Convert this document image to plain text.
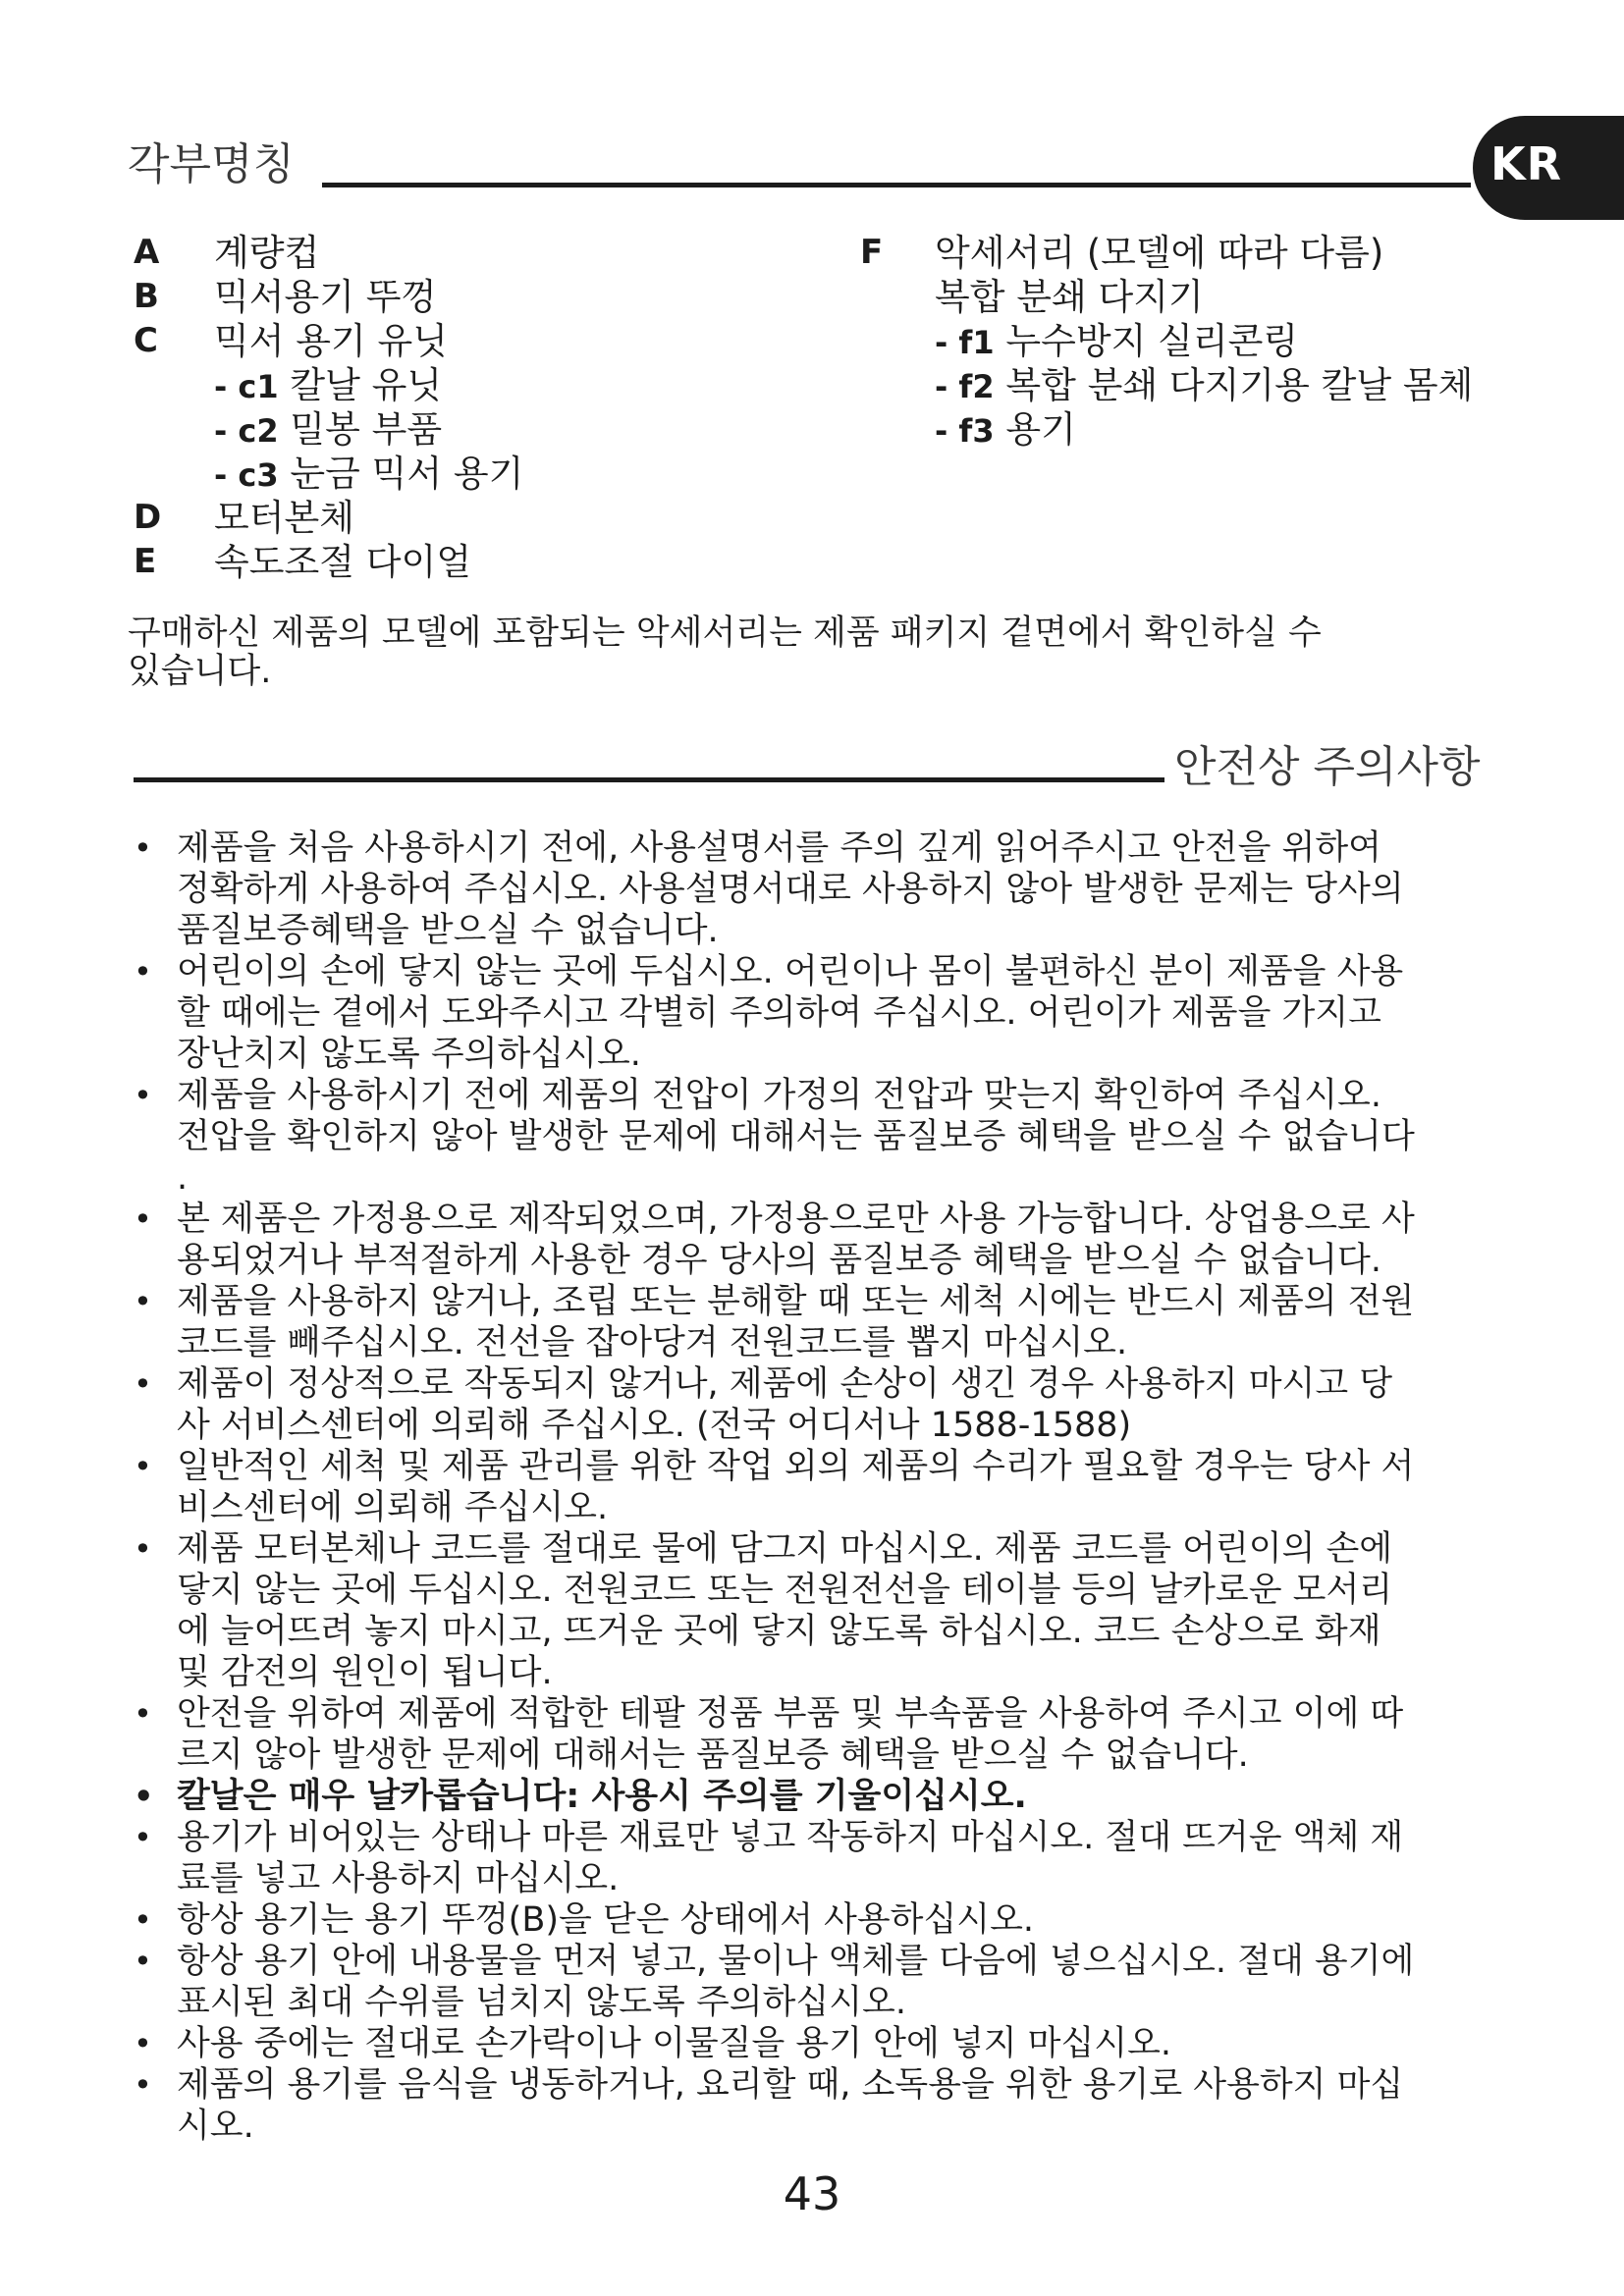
각부명칭	KR
A 계량컵
B 믹서용기 뚜껑
C 믹서 용기 유닛
- c1 칼날 유닛
- c2 밀봉 부품
- c3 눈금 믹서 용기
D 모터본체
E 속도조절 다이얼
F 악세서리 (모델에 따라 다름)
복합 분쇄 다지기
- f1 누수방지 실리콘링
- f2 복합 분쇄 다지기용 칼날 몸체
- f3 용기
구매하신 제품의 모델에 포함되는 악세서리는 제품 패키지 겉면에서 확인하실 수
있습니다.
안전상 주의사항
• 제품을 처음 사용하시기 전에, 사용설명서를 주의 깊게 읽어주시고 안전을 위하여
정확하게 사용하여 주십시오. 사용설명서대로 사용하지 않아 발생한 문제는 당사의
품질보증혜택을 받으실 수 없습니다.
• 어린이의 손에 닿지 않는 곳에 두십시오. 어린이나 몸이 불편하신 분이 제품을 사용
할 때에는 곁에서 도와주시고 각별히 주의하여 주십시오. 어린이가 제품을 가지고
장난치지 않도록 주의하십시오.
• 제품을 사용하시기 전에 제품의 전압이 가정의 전압과 맞는지 확인하여 주십시오.
전압을 확인하지 않아 발생한 문제에 대해서는 품질보증 혜택을 받으실 수 없습니다
.
• 본 제품은 가정용으로 제작되었으며, 가정용으로만 사용 가능합니다. 상업용으로 사
용되었거나 부적절하게 사용한 경우 당사의 품질보증 혜택을 받으실 수 없습니다.
• 제품을 사용하지 않거나, 조립 또는 분해할 때 또는 세척 시에는 반드시 제품의 전원
코드를 빼주십시오. 전선을 잡아당겨 전원코드를 뽑지 마십시오.
• 제품이 정상적으로 작동되지 않거나, 제품에 손상이 생긴 경우 사용하지 마시고 당
사 서비스센터에 의뢰해 주십시오. (전국 어디서나 1588-1588)
• 일반적인 세척 및 제품 관리를 위한 작업 외의 제품의 수리가 필요할 경우는 당사 서
비스센터에 의뢰해 주십시오.
• 제품 모터본체나 코드를 절대로 물에 담그지 마십시오. 제품 코드를 어린이의 손에
닿지 않는 곳에 두십시오. 전원코드 또는 전원전선을 테이블 등의 날카로운 모서리
에 늘어뜨려 놓지 마시고, 뜨거운 곳에 닿지 않도록 하십시오. 코드 손상으로 화재
및 감전의 원인이 됩니다.
• 안전을 위하여 제품에 적합한 테팔 정품 부품 및 부속품을 사용하여 주시고 이에 따
르지 않아 발생한 문제에 대해서는 품질보증 혜택을 받으실 수 없습니다.
• 칼날은 매우 날카롭습니다: 사용시 주의를 기울이십시오.
• 용기가 비어있는 상태나 마른 재료만 넣고 작동하지 마십시오. 절대 뜨거운 액체 재
료를 넣고 사용하지 마십시오.
• 항상 용기는 용기 뚜껑(B)을 닫은 상태에서 사용하십시오.
• 항상 용기 안에 내용물을 먼저 넣고, 물이나 액체를 다음에 넣으십시오. 절대 용기에
표시된 최대 수위를 넘치지 않도록 주의하십시오.
• 사용 중에는 절대로 손가락이나 이물질을 용기 안에 넣지 마십시오.
• 제품의 용기를 음식을 냉동하거나, 요리할 때, 소독용을 위한 용기로 사용하지 마십
시오.
43
